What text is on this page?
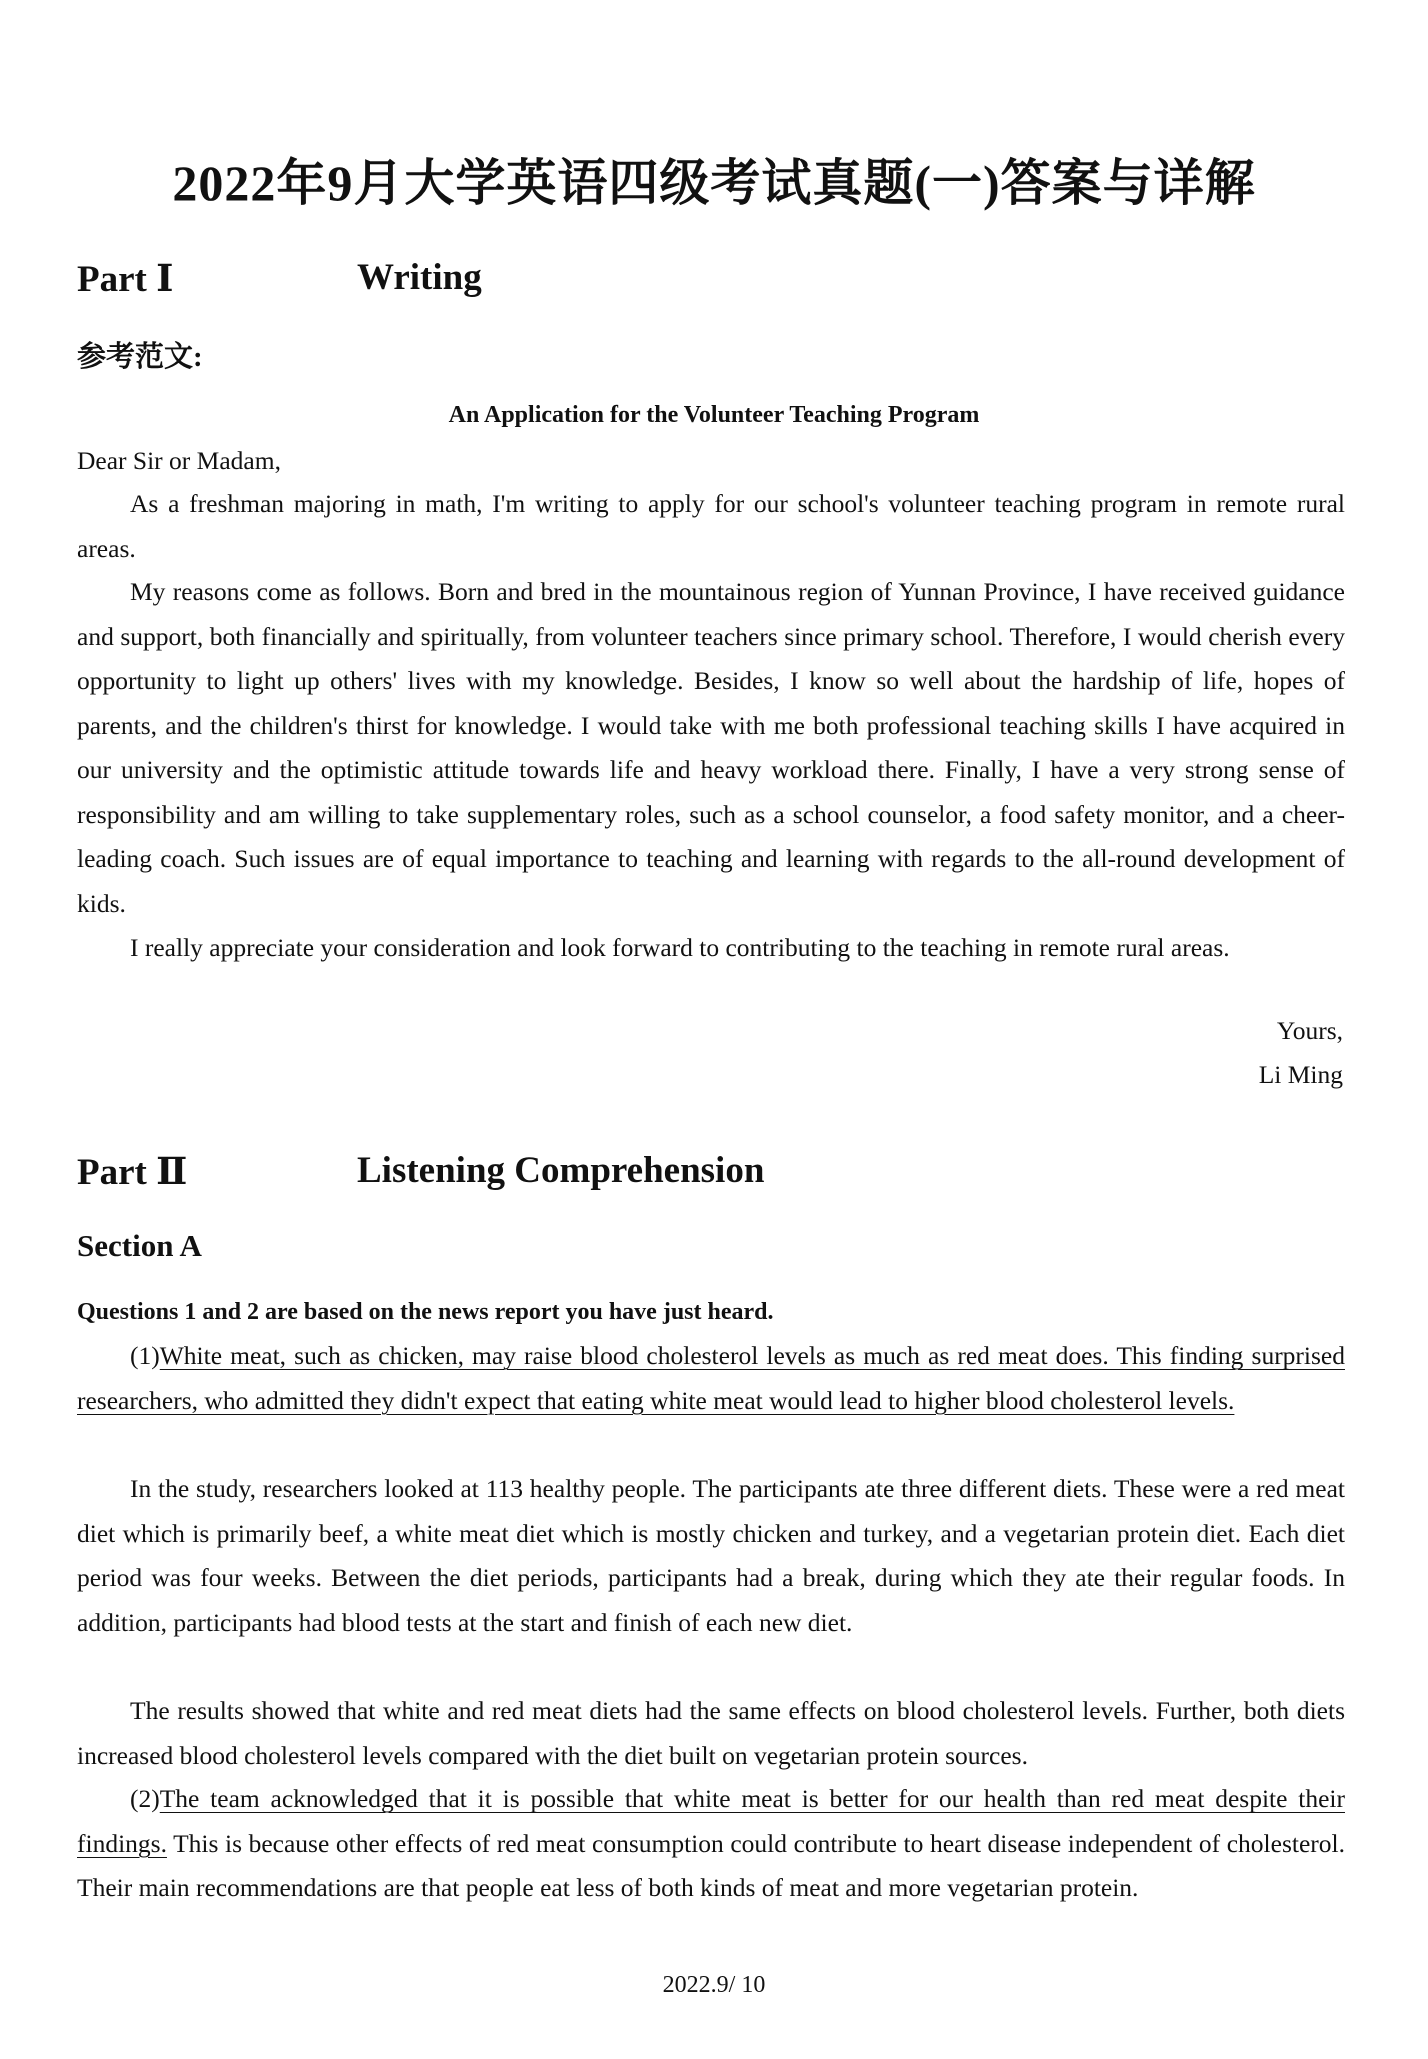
2022年9月大学英语四级考试真题(一)答案与详解
Part Ⅰ	Writing
参考范文:
An Application for the Volunteer Teaching Program
Dear Sir or Madam,

As a freshman majoring in math, I'm writing to apply for our school's volunteer teaching program in remote rural areas.

My reasons come as follows. Born and bred in the mountainous region of Yunnan Province, I have received guidance and support, both financially and spiritually, from volunteer teachers since primary school. Therefore, I would cherish every opportunity to light up others' lives with my knowledge. Besides, I know so well about the hardship of life, hopes of parents, and the children's thirst for knowledge. I would take with me both professional teaching skills I have acquired in our university and the optimistic attitude towards life and heavy workload there. Finally, I have a very strong sense of responsibility and am willing to take supplementary roles, such as a school counselor, a food safety monitor, and a cheer-leading coach. Such issues are of equal importance to teaching and learning with regards to the all-round development of kids.

I really appreciate your consideration and look forward to contributing to the teaching in remote rural areas.

Yours,
Li Ming
Part Ⅱ	Listening Comprehension
Section A
Questions 1 and 2 are based on the news report you have just heard.

(1)White meat, such as chicken, may raise blood cholesterol levels as much as red meat does. This finding surprised researchers, who admitted they didn't expect that eating white meat would lead to higher blood cholesterol levels.

In the study, researchers looked at 113 healthy people. The participants ate three different diets. These were a red meat diet which is primarily beef, a white meat diet which is mostly chicken and turkey, and a vegetarian protein diet. Each diet period was four weeks. Between the diet periods, participants had a break, during which they ate their regular foods. In addition, participants had blood tests at the start and finish of each new diet.

The results showed that white and red meat diets had the same effects on blood cholesterol levels. Further, both diets increased blood cholesterol levels compared with the diet built on vegetarian protein sources.

(2)The team acknowledged that it is possible that white meat is better for our health than red meat despite their findings. This is because other effects of red meat consumption could contribute to heart disease independent of cholesterol. Their main recommendations are that people eat less of both kinds of meat and more vegetarian protein.

2022.9/ 10
